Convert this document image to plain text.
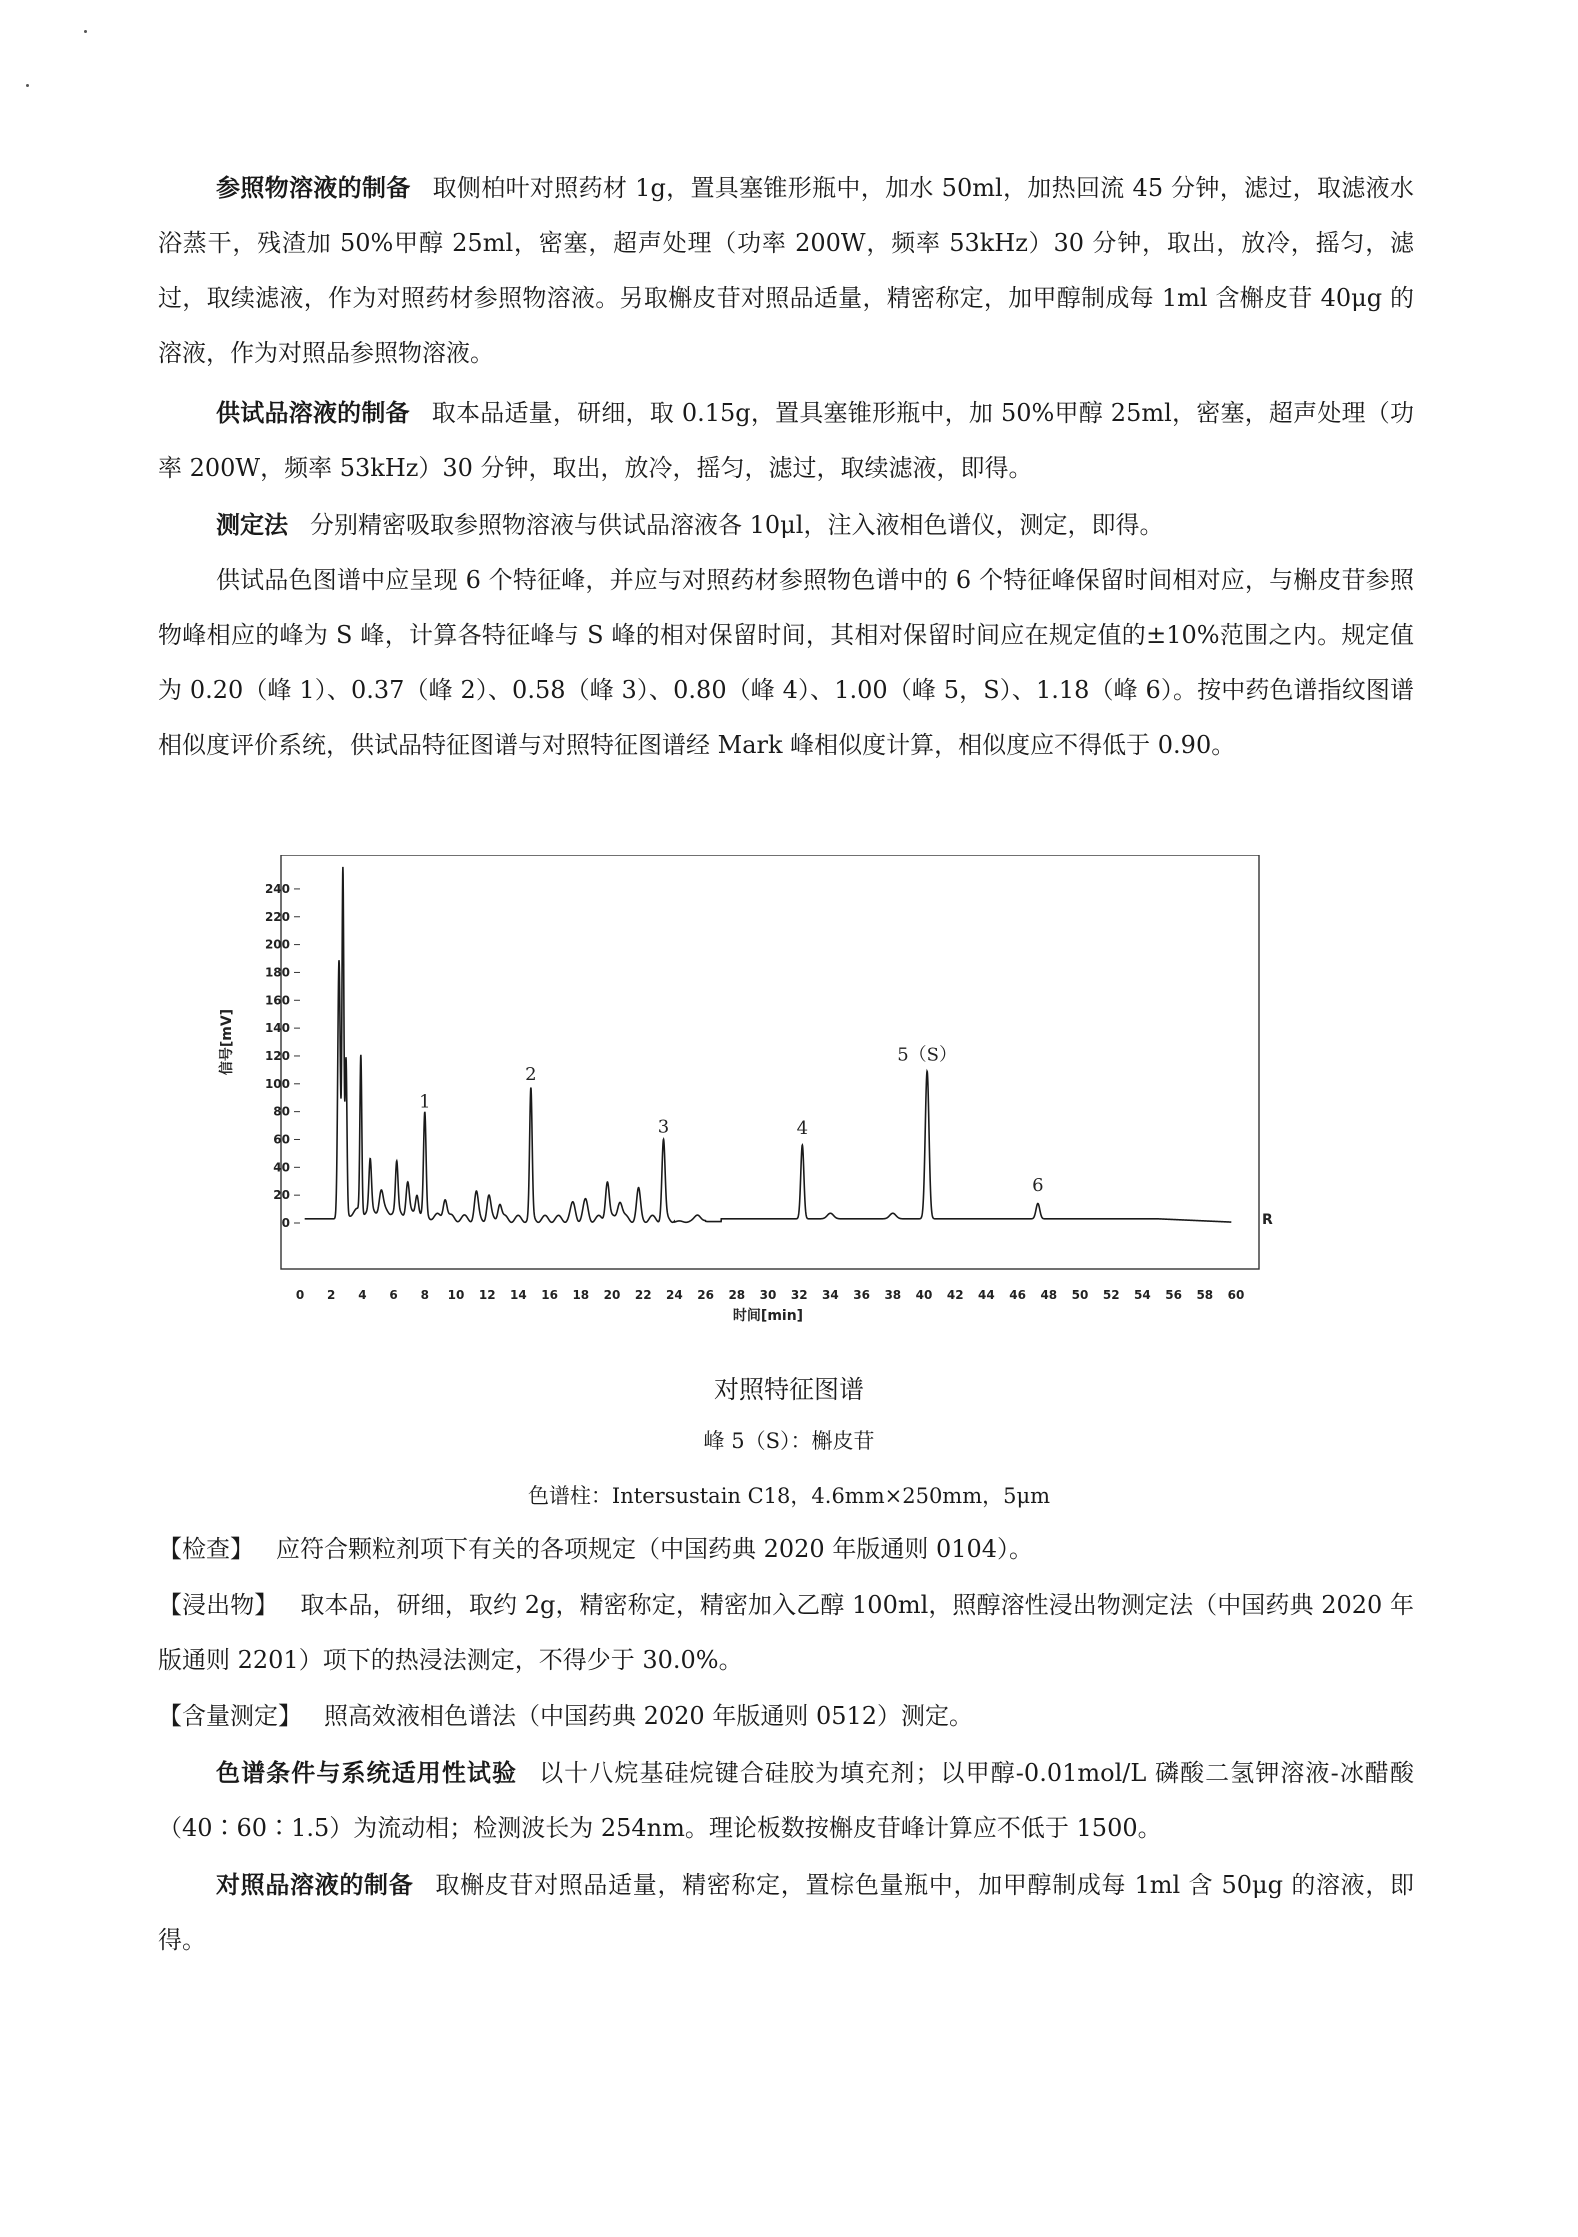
参照物溶液的制备 取侧柏叶对照药材 1g，置具塞锥形瓶中，加水 50ml，加热回流 45 分钟，滤过，取滤液水浴蒸干，残渣加 50%甲醇 25ml，密塞，超声处理（功率 200W，频率 53kHz）30 分钟，取出，放冷，摇匀，滤过，取续滤液，作为对照药材参照物溶液。另取槲皮苷对照品适量，精密称定，加甲醇制成每 1ml 含槲皮苷 40μg 的溶液，作为对照品参照物溶液。

供试品溶液的制备 取本品适量，研细，取 0.15g，置具塞锥形瓶中，加 50%甲醇 25ml，密塞，超声处理（功率 200W，频率 53kHz）30 分钟，取出，放冷，摇匀，滤过，取续滤液，即得。

测定法 分别精密吸取参照物溶液与供试品溶液各 10μl，注入液相色谱仪，测定，即得。

供试品色图谱中应呈现 6 个特征峰，并应与对照药材参照物色谱中的 6 个特征峰保留时间相对应，与槲皮苷参照物峰相应的峰为 S 峰，计算各特征峰与 S 峰的相对保留时间，其相对保留时间应在规定值的±10%范围之内。规定值为 0.20（峰 1）、0.37（峰 2）、0.58（峰 3）、0.80（峰 4）、1.00（峰 5，S）、1.18（峰 6）。按中药色谱指纹图谱相似度评价系统，供试品特征图谱与对照特征图谱经 Mark 峰相似度计算，相似度应不得低于 0.90。

0
20
40
60
80
100
120
140
160
180
200
220
240
0 2 4 6 8 10 12 14 16 18 20 22 24 26 28 30 32 34 36 38 40 42 44 46 48 50 52 54 56 58 60
时间[min]
信号[mV]
R
1
2
3	4
5（S）
6
对照特征图谱
峰 5（S）：槲皮苷
色谱柱：Intersustain C18，4.6mm×250mm，5μm

【检查】 应符合颗粒剂项下有关的各项规定（中国药典 2020 年版通则 0104）。

【浸出物】 取本品，研细，取约 2g，精密称定，精密加入乙醇 100ml，照醇溶性浸出物测定法（中国药典 2020 年版通则 2201）项下的热浸法测定，不得少于 30.0%。

【含量测定】 照高效液相色谱法（中国药典 2020 年版通则 0512）测定。

色谱条件与系统适用性试验 以十八烷基硅烷键合硅胶为填充剂；以甲醇-0.01mol/L 磷酸二氢钾溶液-冰醋酸（40∶60∶1.5）为流动相；检测波长为 254nm。理论板数按槲皮苷峰计算应不低于 1500。

对照品溶液的制备 取槲皮苷对照品适量，精密称定，置棕色量瓶中，加甲醇制成每 1ml 含 50μg 的溶液，即得。
